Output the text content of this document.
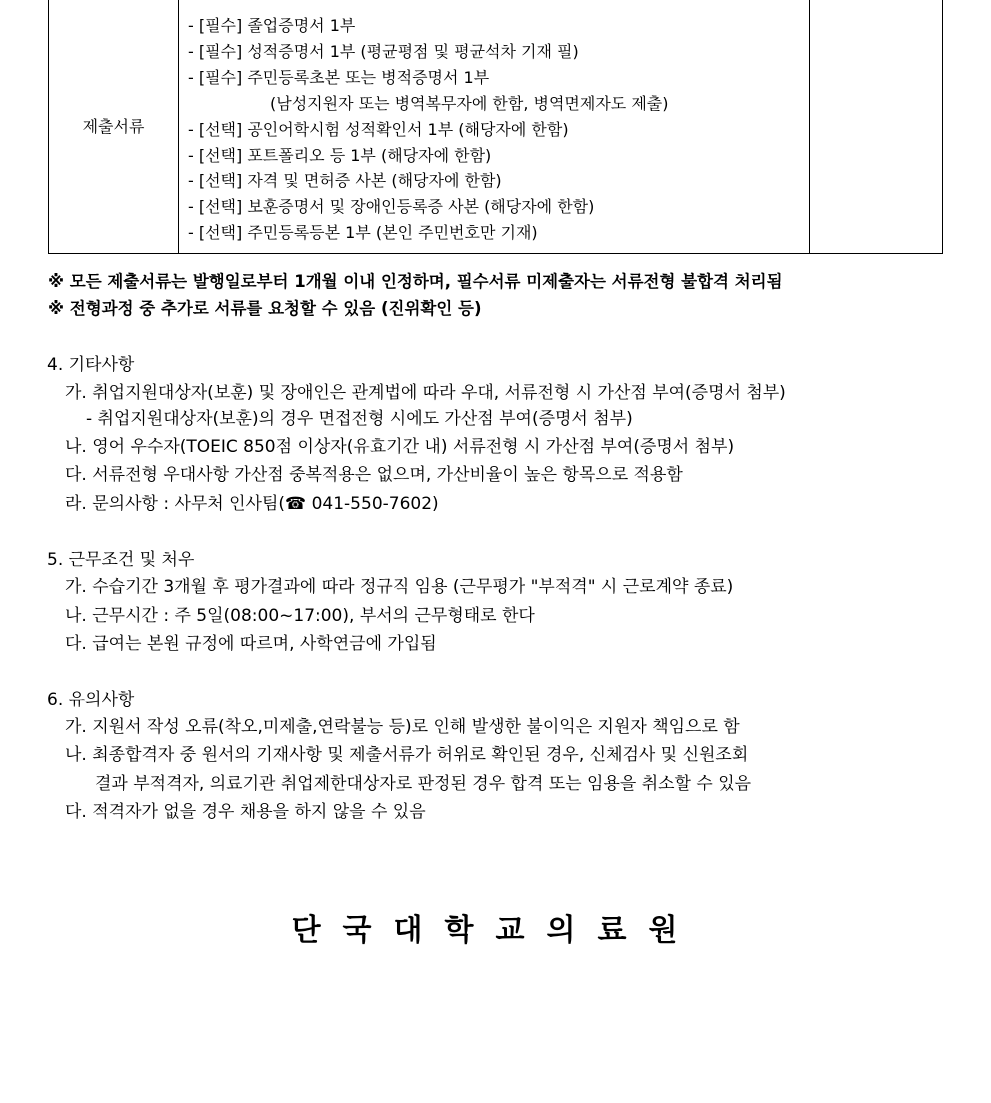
제출서류
- [필수] 졸업증명서 1부
- [필수] 성적증명서 1부 (평균평점 및 평균석차 기재 필)
- [필수] 주민등록초본 또는 병적증명서 1부
(남성지원자 또는 병역복무자에 한함, 병역면제자도 제출)
- [선택] 공인어학시험 성적확인서 1부 (해당자에 한함)
- [선택] 포트폴리오 등 1부 (해당자에 한함)
- [선택] 자격 및 면허증 사본 (해당자에 한함)
- [선택] 보훈증명서 및 장애인등록증 사본 (해당자에 한함)
- [선택] 주민등록등본 1부 (본인 주민번호만 기재)
※ 모든 제출서류는 발행일로부터 1개월 이내 인정하며, 필수서류 미제출자는 서류전형 불합격 처리됨
※ 전형과정 중 추가로 서류를 요청할 수 있음 (진위확인 등)
4. 기타사항
가. 취업지원대상자(보훈) 및 장애인은 관계법에 따라 우대, 서류전형 시 가산점 부여(증명서 첨부)
- 취업지원대상자(보훈)의 경우 면접전형 시에도 가산점 부여(증명서 첨부)
나. 영어 우수자(TOEIC 850점 이상자(유효기간 내) 서류전형 시 가산점 부여(증명서 첨부)
다. 서류전형 우대사항 가산점 중복적용은 없으며, 가산비율이 높은 항목으로 적용함
라. 문의사항 : 사무처 인사팀(☎ 041-550-7602)
5. 근무조건 및 처우
가. 수습기간 3개월 후 평가결과에 따라 정규직 임용 (근무평가 "부적격" 시 근로계약 종료)
나. 근무시간 : 주 5일(08:00~17:00), 부서의 근무형태로 한다
다. 급여는 본원 규정에 따르며, 사학연금에 가입됨
6. 유의사항
가. 지원서 작성 오류(착오,미제출,연락불능 등)로 인해 발생한 불이익은 지원자 책임으로 함
나. 최종합격자 중 원서의 기재사항 및 제출서류가 허위로 확인된 경우, 신체검사 및 신원조회
결과 부적격자, 의료기관 취업제한대상자로 판정된 경우 합격 또는 임용을 취소할 수 있음
다. 적격자가 없을 경우 채용을 하지 않을 수 있음
단국대학교의료원
